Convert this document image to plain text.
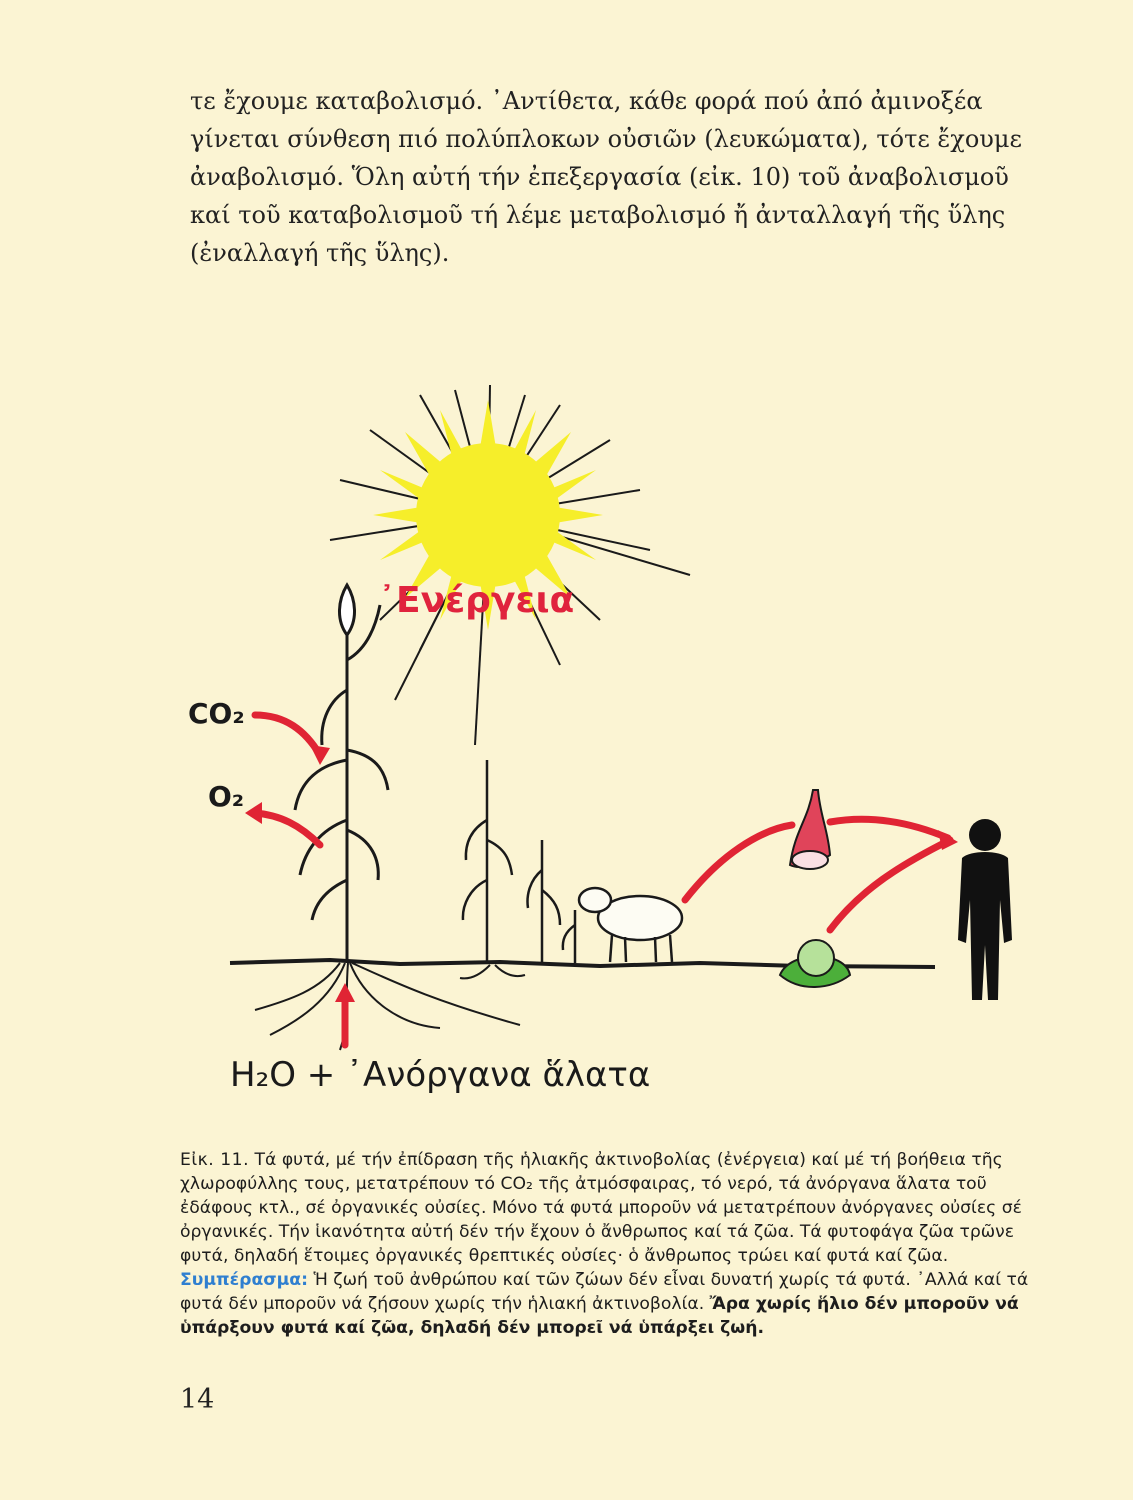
τε ἔχουμε καταβολισμό. ᾿Αντίθετα, κάθε φορά πού ἀπό ἀμινοξέα γίνεται σύνθεση πιό πολύπλοκων οὐσιῶν (λευκώματα), τότε ἔχουμε ἀναβολισμό. Ὅλη αὐτή τήν ἐπεξεργασία (εἰκ. 10) τοῦ ἀναβολισμοῦ καί τοῦ καταβολισμοῦ τή λέμε μεταβολισμό ἤ ἀνταλλαγή τῆς ὕλης (ἐναλλαγή τῆς ὕλης).

CO₂
O₂
᾿Ενέργεια
H₂O + ᾿Ανόργανα ἅλατα
Εἰκ. 11. Τά φυτά, μέ τήν ἐπίδραση τῆς ἡλιακῆς ἀκτινοβολίας (ἐνέργεια) καί μέ τή βοήθεια τῆς χλωροφύλλης τους, μετατρέπουν τό CO₂ τῆς ἀτμόσφαιρας, τό νερό, τά ἀνόργανα ἅλατα τοῦ ἐδάφους κτλ., σέ ὀργανικές οὐσίες. Μόνο τά φυτά μποροῦν νά μετατρέπουν ἀνόργανες οὐσίες σέ ὀργανικές. Τήν ἱκανότητα αὐτή δέν τήν ἔχουν ὁ ἄνθρωπος καί τά ζῶα. Τά φυτοφάγα ζῶα τρῶνε φυτά, δηλαδή ἕτοιμες ὀργανικές θρεπτικές οὐσίες· ὁ ἄνθρωπος τρώει καί φυτά καί ζῶα.
Συμπέρασμα: Ἡ ζωή τοῦ ἀνθρώπου καί τῶν ζώων δέν εἶναι δυνατή χωρίς τά φυτά. ᾿Αλλά καί τά φυτά δέν μποροῦν νά ζήσουν χωρίς τήν ἡλιακή ἀκτινοβολία. Ἄρα χωρίς ἥλιο δέν μποροῦν νά ὑπάρξουν φυτά καί ζῶα, δηλαδή δέν μπορεῖ νά ὑπάρξει ζωή.
14
